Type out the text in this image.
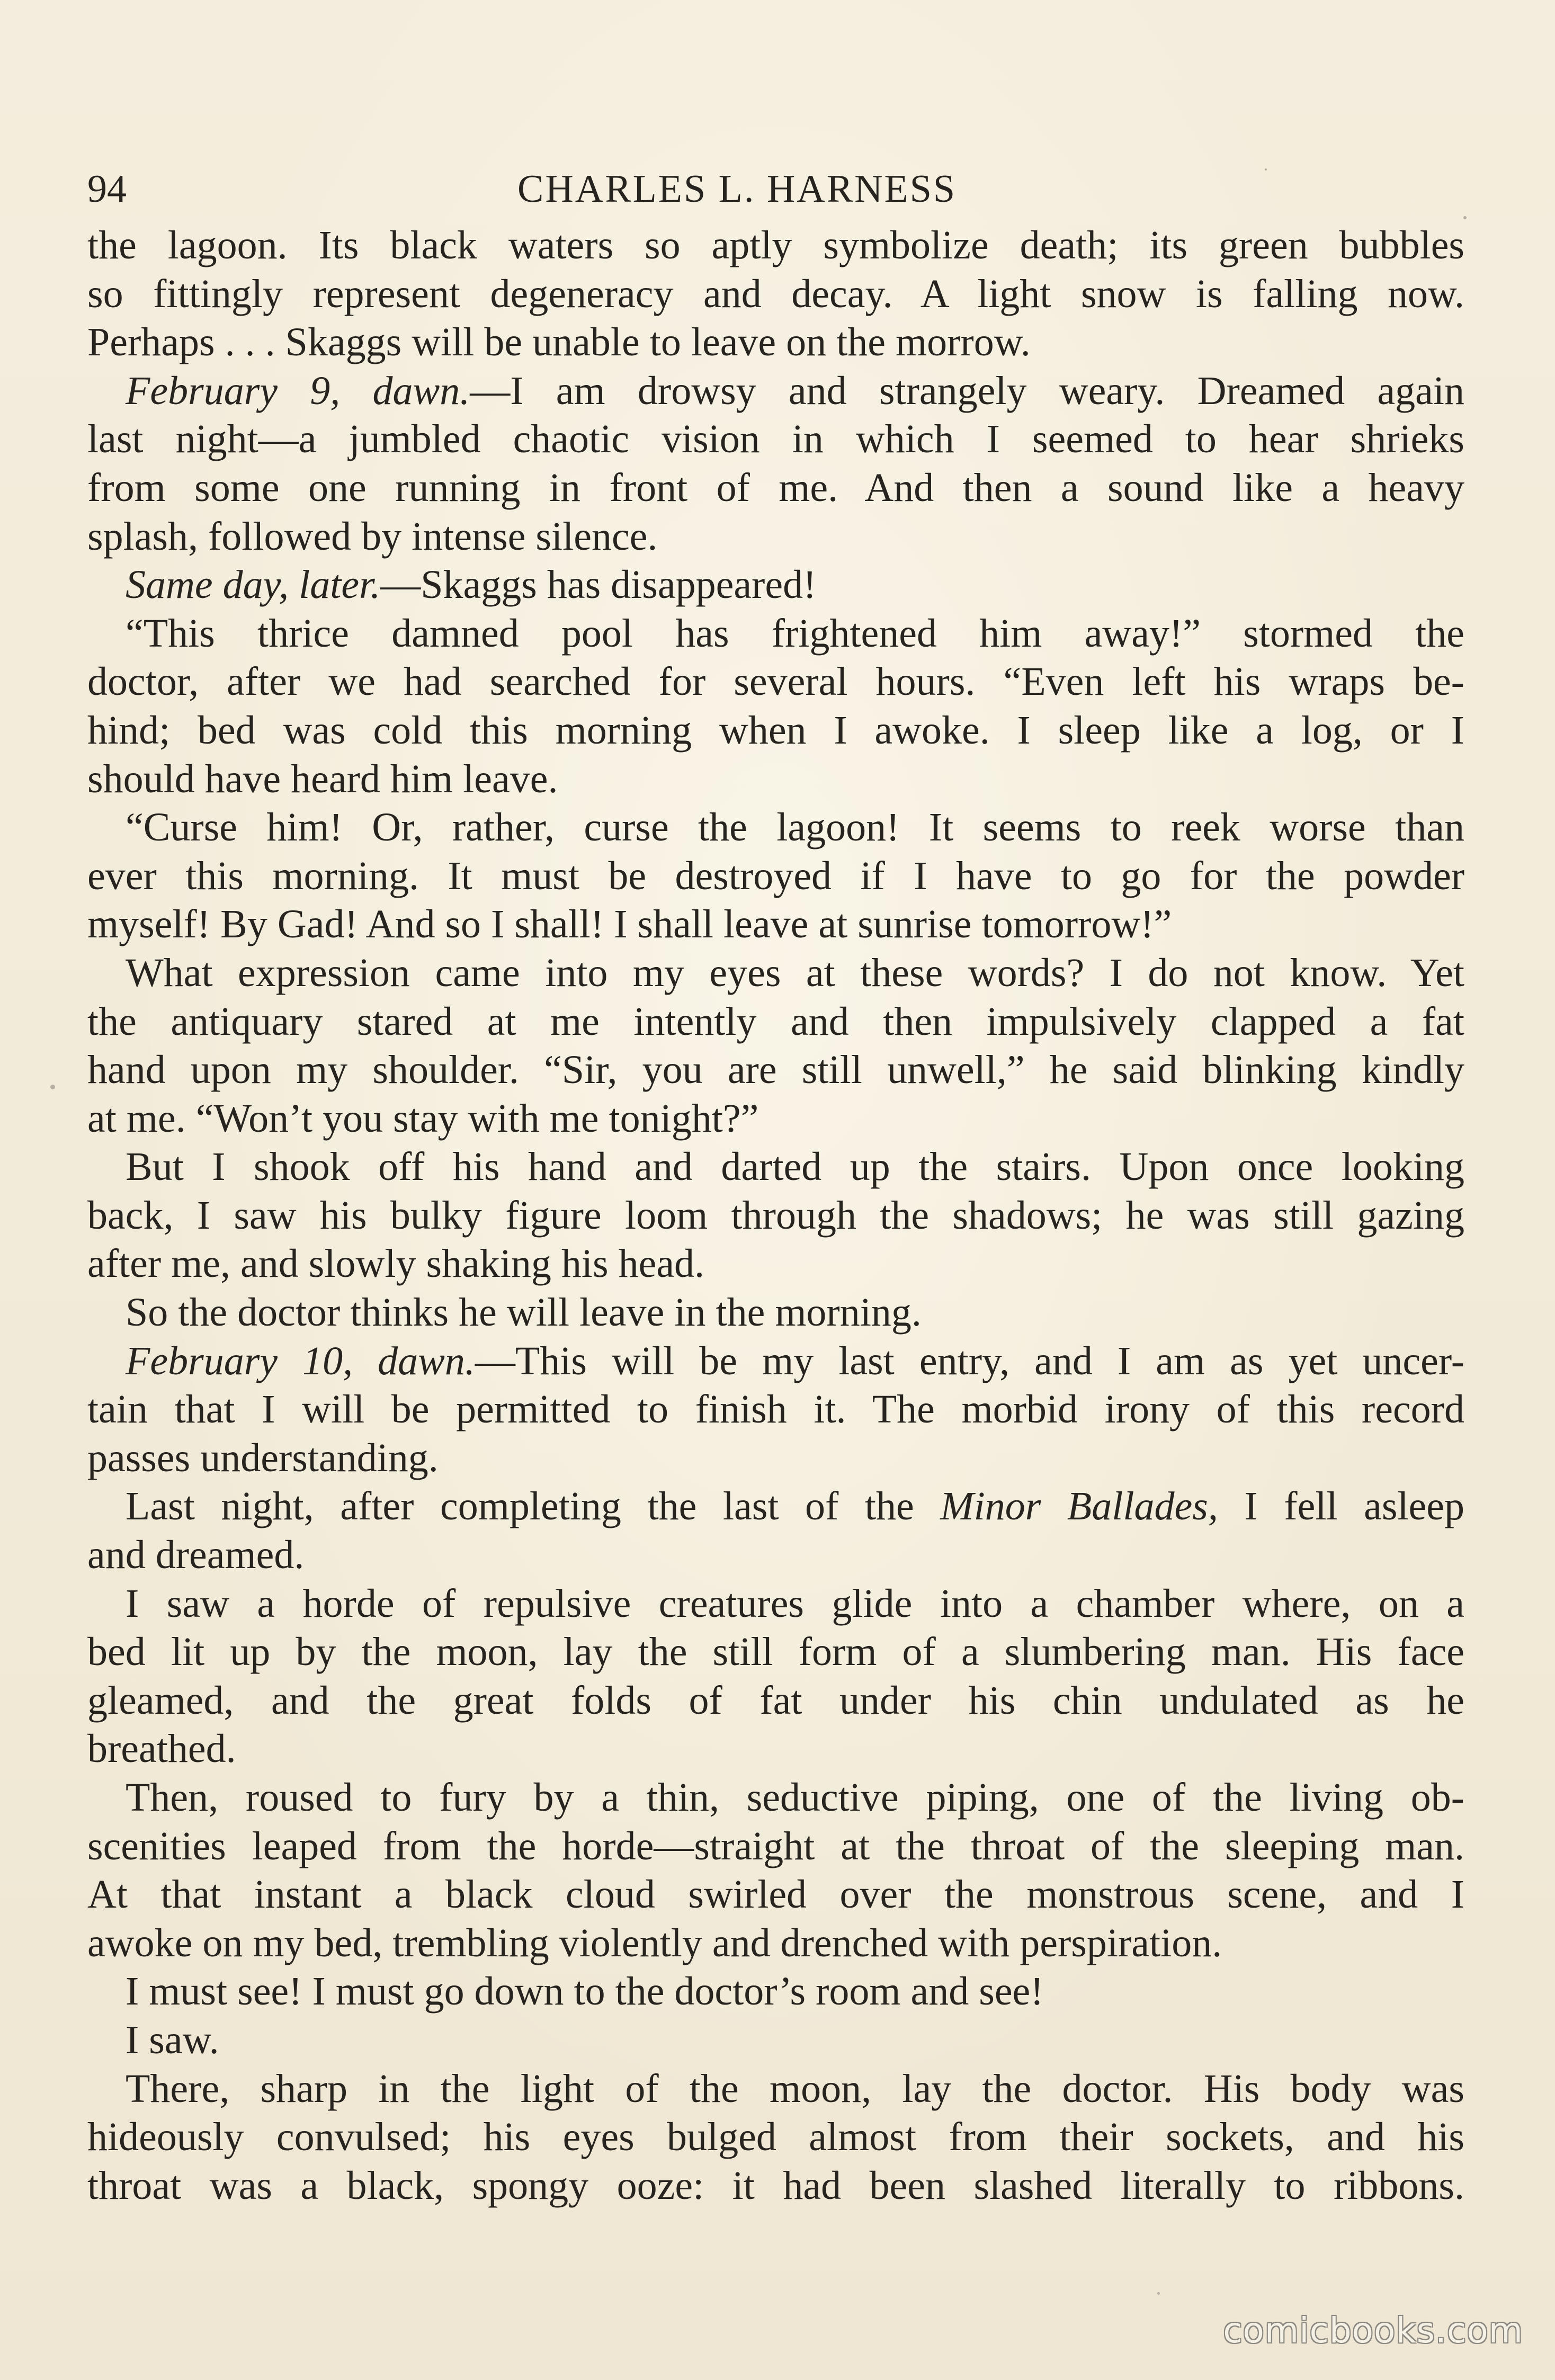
94	CHARLES L. HARNESS
the lagoon. Its black waters so aptly symbolize death; its green bubbles
so fittingly represent degeneracy and decay. A light snow is falling now.
Perhaps . . . Skaggs will be unable to leave on the morrow.
February 9, dawn.—I am drowsy and strangely weary. Dreamed again
last night—a jumbled chaotic vision in which I seemed to hear shrieks
from some one running in front of me. And then a sound like a heavy
splash, followed by intense silence.
Same day, later.—Skaggs has disappeared!
“This thrice damned pool has frightened him away!” stormed the
doctor, after we had searched for several hours. “Even left his wraps be-
hind; bed was cold this morning when I awoke. I sleep like a log, or I
should have heard him leave.
“Curse him! Or, rather, curse the lagoon! It seems to reek worse than
ever this morning. It must be destroyed if I have to go for the powder
myself! By Gad! And so I shall! I shall leave at sunrise tomorrow!”
What expression came into my eyes at these words? I do not know. Yet
the antiquary stared at me intently and then impulsively clapped a fat
hand upon my shoulder. “Sir, you are still unwell,” he said blinking kindly
at me. “Won’t you stay with me tonight?”
But I shook off his hand and darted up the stairs. Upon once looking
back, I saw his bulky figure loom through the shadows; he was still gazing
after me, and slowly shaking his head.
So the doctor thinks he will leave in the morning.
February 10, dawn.—This will be my last entry, and I am as yet uncer-
tain that I will be permitted to finish it. The morbid irony of this record
passes understanding.
Last night, after completing the last of the Minor Ballades, I fell asleep
and dreamed.
I saw a horde of repulsive creatures glide into a chamber where, on a
bed lit up by the moon, lay the still form of a slumbering man. His face
gleamed, and the great folds of fat under his chin undulated as he
breathed.
Then, roused to fury by a thin, seductive piping, one of the living ob-
scenities leaped from the horde—straight at the throat of the sleeping man.
At that instant a black cloud swirled over the monstrous scene, and I
awoke on my bed, trembling violently and drenched with perspiration.
I must see! I must go down to the doctor’s room and see!
I saw.
There, sharp in the light of the moon, lay the doctor. His body was
hideously convulsed; his eyes bulged almost from their sockets, and his
throat was a black, spongy ooze: it had been slashed literally to ribbons.
comicbooks.com
